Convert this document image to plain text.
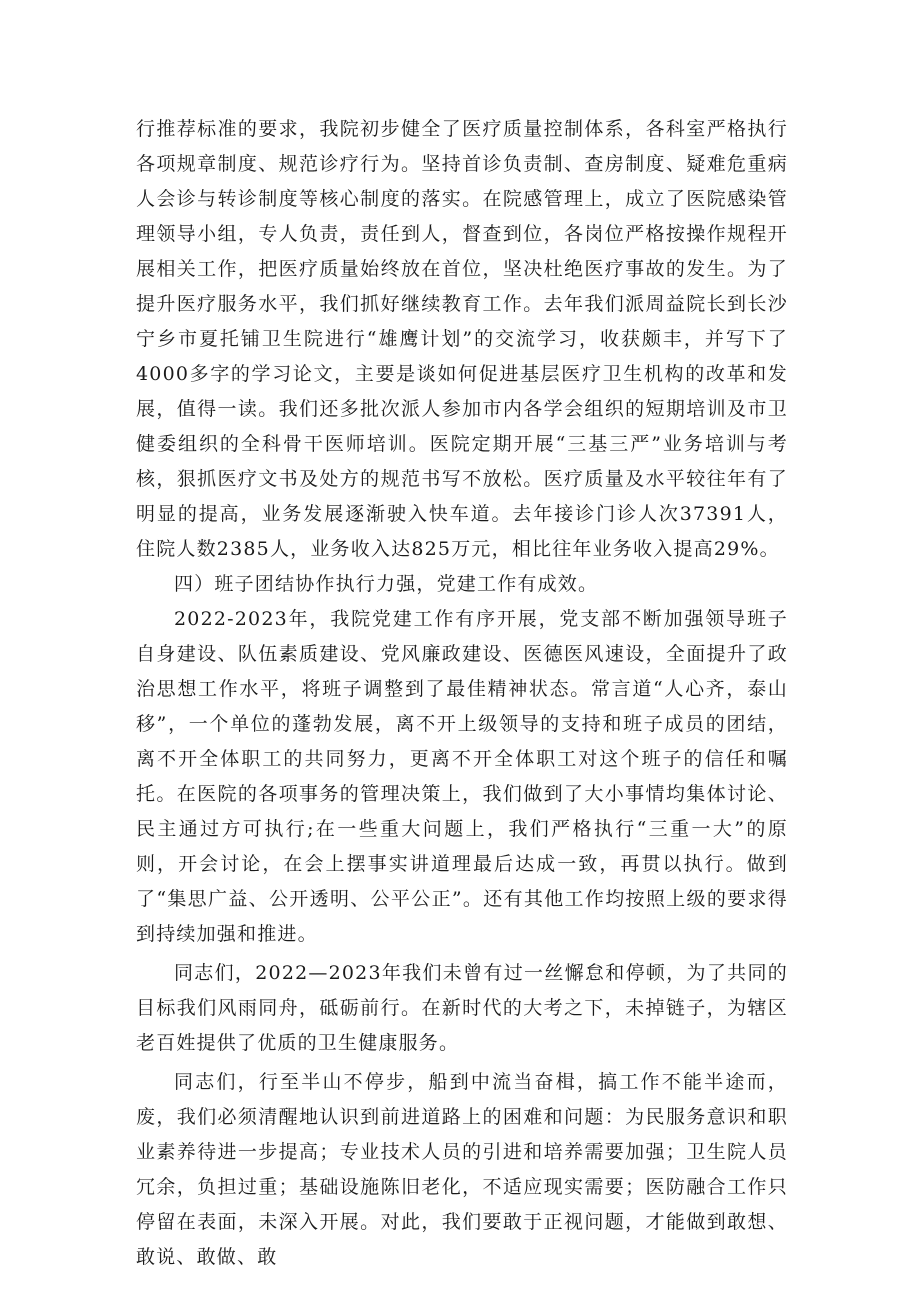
行推荐标准的要求，我院初步健全了医疗质量控制体系，各科室严格执行各项规章制度、规范诊疗行为。坚持首诊负责制、查房制度、疑难危重病人会诊与转诊制度等核心制度的落实。在院感管理上，成立了医院感染管理领导小组，专人负责，责任到人，督查到位，各岗位严格按操作规程开展相关工作，把医疗质量始终放在首位，坚决杜绝医疗事故的发生。为了提升医疗服务水平，我们抓好继续教育工作。去年我们派周益院长到长沙宁乡市夏托铺卫生院进行“雄鹰计划”的交流学习，收获颇丰，并写下了4000多字的学习论文，主要是谈如何促进基层医疗卫生机构的改革和发展，值得一读。我们还多批次派人参加市内各学会组织的短期培训及市卫健委组织的全科骨干医师培训。医院定期开展“三基三严”业务培训与考核，狠抓医疗文书及处方的规范书写不放松。医疗质量及水平较往年有了明显的提高，业务发展逐渐驶入快车道。去年接诊门诊人次37391人，住院人数2385人，业务收入达825万元，相比往年业务收入提高29%。

四）班子团结协作执行力强，党建工作有成效。

2022-2023年，我院党建工作有序开展，党支部不断加强领导班子自身建设、队伍素质建设、党风廉政建设、医德医风速设，全面提升了政治思想工作水平，将班子调整到了最佳精神状态。常言道“人心齐，泰山移”，一个单位的蓬勃发展，离不开上级领导的支持和班子成员的团结，离不开全体职工的共同努力，更离不开全体职工对这个班子的信任和嘱托。在医院的各项事务的管理决策上，我们做到了大小事情均集体讨论、民主通过方可执行;在一些重大问题上，我们严格执行“三重一大”的原则，开会讨论，在会上摆事实讲道理最后达成一致，再贯以执行。做到了“集思广益、公开透明、公平公正”。还有其他工作均按照上级的要求得到持续加强和推进。

同志们，2022—2023年我们未曾有过一丝懈怠和停顿，为了共同的目标我们风雨同舟，砥砺前行。在新时代的大考之下，未掉链子，为辖区老百姓提供了优质的卫生健康服务。

同志们，行至半山不停步，船到中流当奋楫，搞工作不能半途而，废，我们必须清醒地认识到前进道路上的困难和问题：为民服务意识和职业素养待进一步提高；专业技术人员的引进和培养需要加强；卫生院人员冗余，负担过重；基础设施陈旧老化，不适应现实需要；医防融合工作只停留在表面，未深入开展。对此，我们要敢于正视问题，才能做到敢想、敢说、敢做、敢
